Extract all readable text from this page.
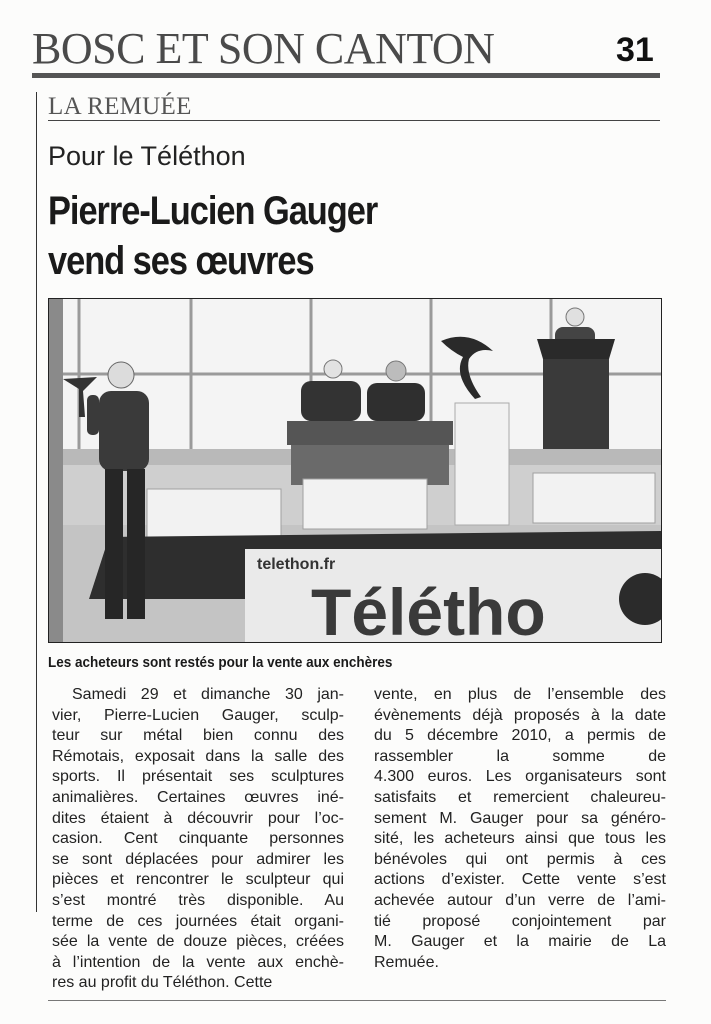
BOSC ET SON CANTON	31
LA REMUÉE
Pour le Téléthon
Pierre-Lucien Gauger
vend ses œuvres
telethon.fr
Télétho
Les acheteurs sont restés pour la vente aux enchères
Samedi 29 et dimanche 30 jan-
vier, Pierre-Lucien Gauger, sculp-
teur sur métal bien connu des
Rémotais, exposait dans la salle des
sports. Il présentait ses sculptures
animalières. Certaines œuvres iné-
dites étaient à découvrir pour l’oc-
casion. Cent cinquante personnes
se sont déplacées pour admirer les
pièces et rencontrer le sculpteur qui
s’est montré très disponible. Au
terme de ces journées était organi-
sée la vente de douze pièces, créées
à l’intention de la vente aux enchè-
res au profit du Téléthon. Cette
vente, en plus de l’ensemble des
évènements déjà proposés à la date
du 5 décembre 2010, a permis de
rassembler la somme de
4.300 euros. Les organisateurs sont
satisfaits et remercient chaleureu-
sement M. Gauger pour sa généro-
sité, les acheteurs ainsi que tous les
bénévoles qui ont permis à ces
actions d’exister. Cette vente s’est
achevée autour d’un verre de l’ami-
tié proposé conjointement par
M. Gauger et la mairie de La
Remuée.
